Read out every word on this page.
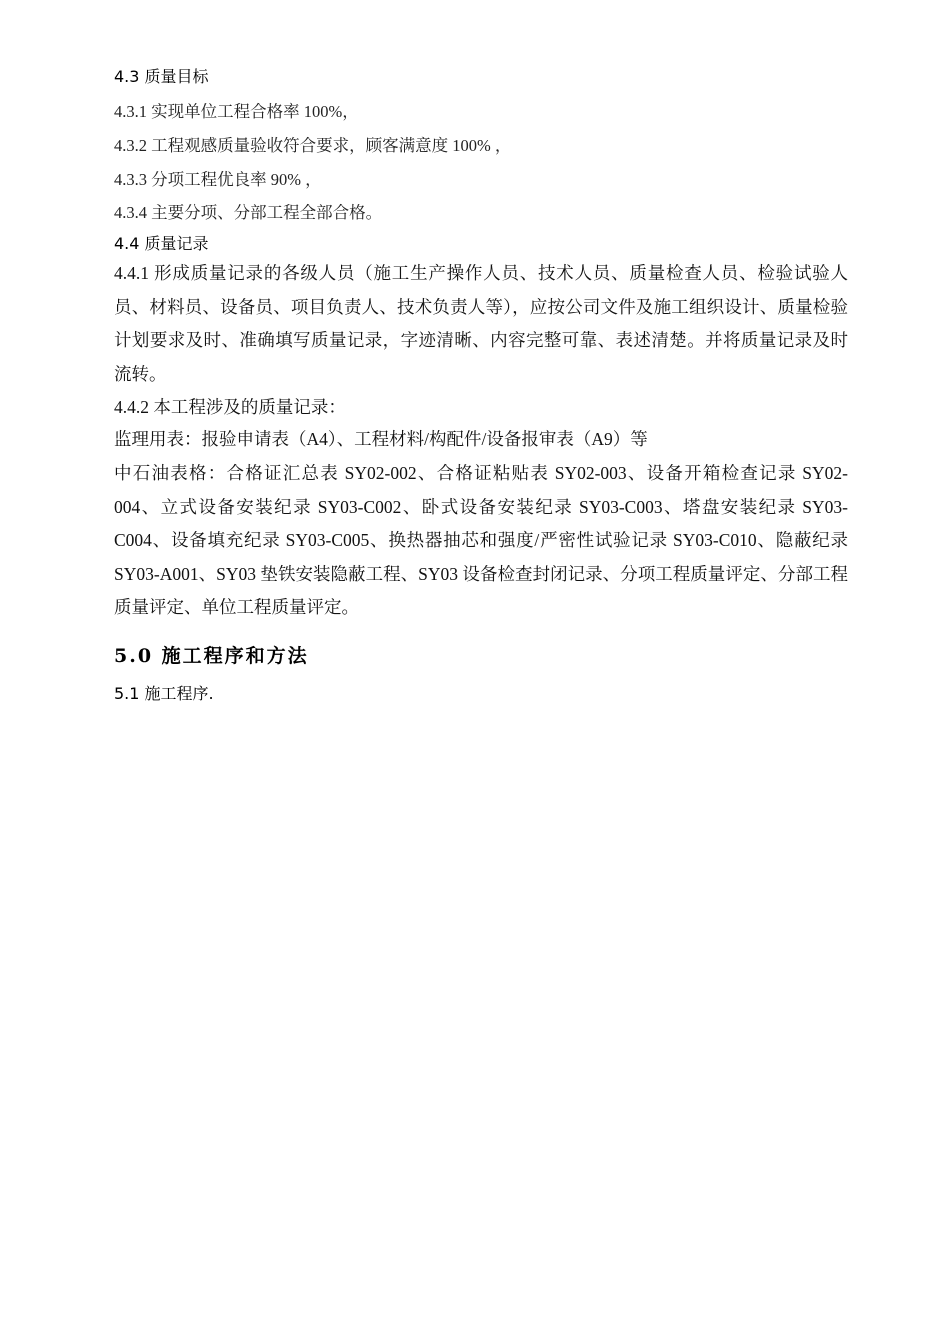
4.3 质量目标
4.3.1 实现单位工程合格率 100%，
4.3.2 工程观感质量验收符合要求，顾客满意度 100% ，
4.3.3 分项工程优良率 90% ，
4.3.4 主要分项、分部工程全部合格。
4.4 质量记录
4.4.1 形成质量记录的各级人员（施工生产操作人员、技术人员、质量检查人员、检验试验人员、材料员、设备员、项目负责人、技术负责人等），应按公司文件及施工组织设计、质量检验计划要求及时、准确填写质量记录，字迹清晰、内容完整可靠、表述清楚。并将质量记录及时流转。
4.4.2 本工程涉及的质量记录：
监理用表：报验申请表（A4）、工程材料/构配件/设备报审表（A9）等
中石油表格：合格证汇总表 SY02-002、合格证粘贴表 SY02-003、设备开箱检查记录 SY02-004、立式设备安装纪录 SY03-C002、卧式设备安装纪录 SY03-C003、塔盘安装纪录 SY03-C004、设备填充纪录 SY03-C005、换热器抽芯和强度/严密性试验记录 SY03-C010、隐蔽纪录 SY03-A001、SY03 垫铁安装隐蔽工程、SY03 设备检查封闭记录、分项工程质量评定、分部工程质量评定、单位工程质量评定。
5.0 施工程序和方法
5.1 施工程序.
